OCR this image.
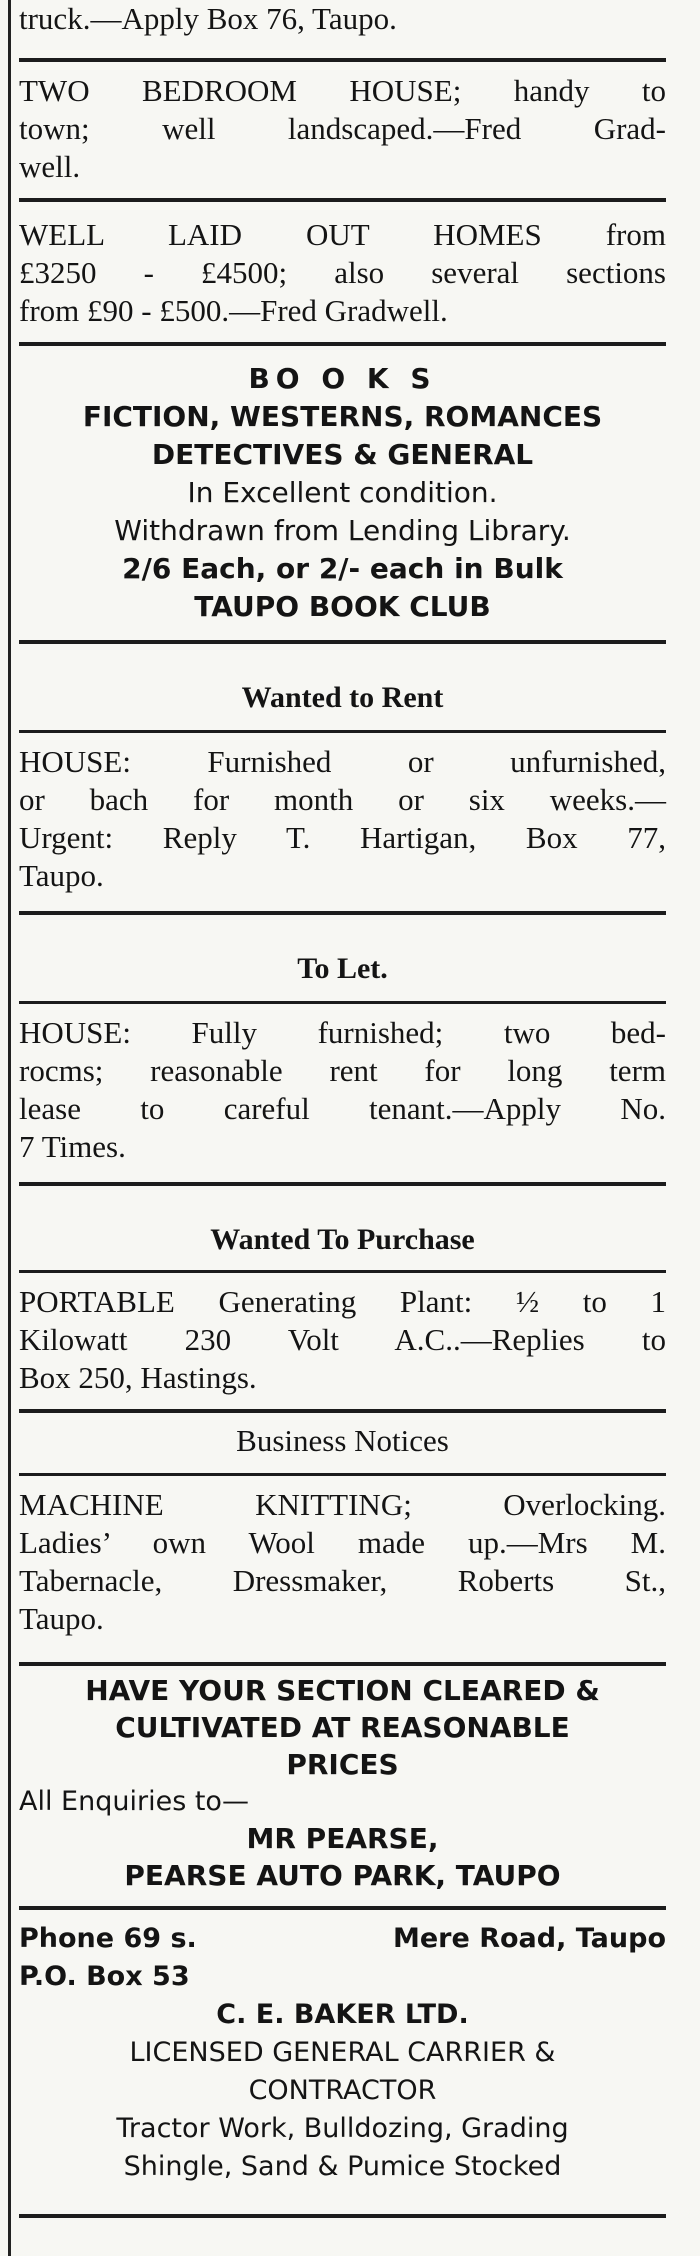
truck.—Apply Box 76, Taupo.
TWO BEDROOM HOUSE; handy to
town; well landscaped.—Fred Grad-
well.
WELL LAID OUT HOMES from
£3250 - £4500; also several sections
from £90 - £500.—Fred Gradwell.
BO O K S
FICTION, WESTERNS, ROMANCES
DETECTIVES & GENERAL
In Excellent condition.
Withdrawn from Lending Library.
2/6 Each, or 2/- each in Bulk
TAUPO BOOK CLUB
Wanted to Rent
HOUSE: Furnished or unfurnished,
or bach for month or six weeks.—
Urgent: Reply T. Hartigan, Box 77,
Taupo.
To Let.
HOUSE: Fully furnished; two bed-
rocms; reasonable rent for long term
lease to careful tenant.—Apply No.
7 Times.
Wanted To Purchase
PORTABLE Generating Plant: ½ to 1
Kilowatt 230 Volt A.C..—Replies to
Box 250, Hastings.
Business Notices
MACHINE KNITTING; Overlocking.
Ladies’ own Wool made up.—Mrs M.
Tabernacle, Dressmaker, Roberts St.,
Taupo.
HAVE YOUR SECTION CLEARED &
CULTIVATED AT REASONABLE
PRICES
All Enquiries to—
MR PEARSE,
PEARSE AUTO PARK, TAUPO
Phone 69 s.	Mere Road, Taupo
P.O. Box 53
C. E. BAKER LTD.
LICENSED GENERAL CARRIER &
CONTRACTOR
Tractor Work, Bulldozing, Grading
Shingle, Sand & Pumice Stocked
